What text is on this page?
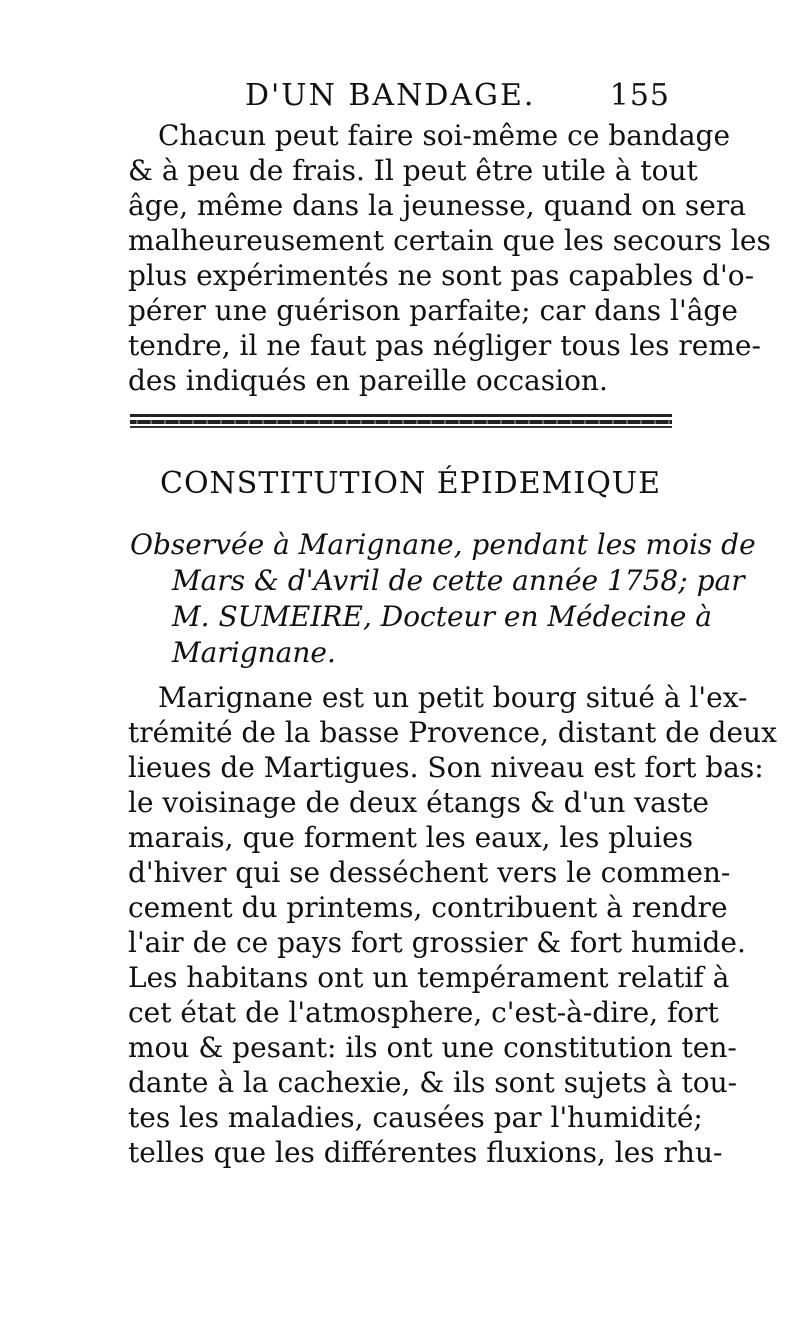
D'UN BANDAGE. 155
Chacun peut faire soi-même ce bandage
& à peu de frais. Il peut être utile à tout
âge, même dans la jeunesse, quand on sera
malheureusement certain que les secours les
plus expérimentés ne sont pas capables d'o-
pérer une guérison parfaite; car dans l'âge
tendre, il ne faut pas négliger tous les reme-
des indiqués en pareille occasion.
CONSTITUTION ÉPIDEMIQUE
Observée à Marignane, pendant les mois de
Mars & d'Avril de cette année 1758; par
M. SUMEIRE, Docteur en Médecine à
Marignane.
Marignane est un petit bourg situé à l'ex-
trémité de la basse Provence, distant de deux
lieues de Martigues. Son niveau est fort bas:
le voisinage de deux étangs & d'un vaste
marais, que forment les eaux, les pluies
d'hiver qui se desséchent vers le commen-
cement du printems, contribuent à rendre
l'air de ce pays fort grossier & fort humide.
Les habitans ont un tempérament relatif à
cet état de l'atmosphere, c'est-à-dire, fort
mou & pesant: ils ont une constitution ten-
dante à la cachexie, & ils sont sujets à tou-
tes les maladies, causées par l'humidité;
telles que les différentes fluxions, les rhu-
